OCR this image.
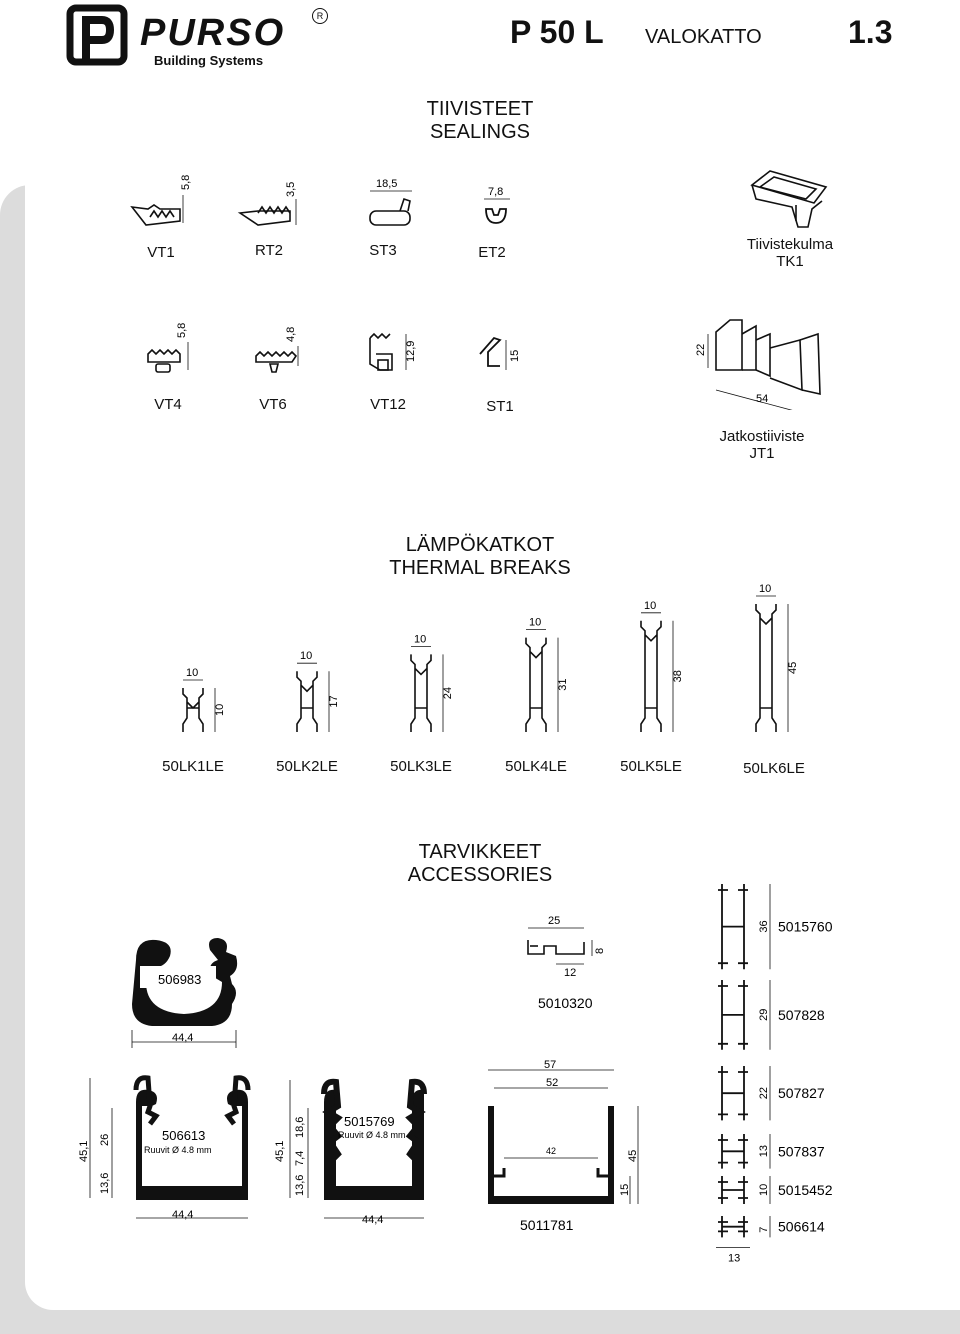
PURSO	R
Building Systems
P 50 L VALOKATTO	1.3
TIIVISTEET
SEALINGS
5,8	3,5	18,5
7,8
VT1	RT2	ST3	ET2	Tiivistekulma
TK1
5,8	4,8
12,9	15	22
54
VT4	VT6	VT12	ST1
Jatkostiiviste
JT1
LÄMPÖKATKOT
THERMAL BREAKS
10
10
10
17
10
24
10
31
10
38
10
45
50LK1LE	50LK2LE	50LK3LE	50LK4LE	50LK5LE	50LK6LE
TARVIKKEET
ACCESSORIES
506983
44,4
25
8
12
5010320
506613
Ruuvit Ø 4.8 mm
44,4
45,1
26
13,6
5015769
Ruuvit Ø 4.8 mm
44,4
45,1
18,6
7,4
13,6
57
52
42	45
15
5011781
36 5015760
29 507828
22 507827
13 507837
10 5015452
7 506614
13
